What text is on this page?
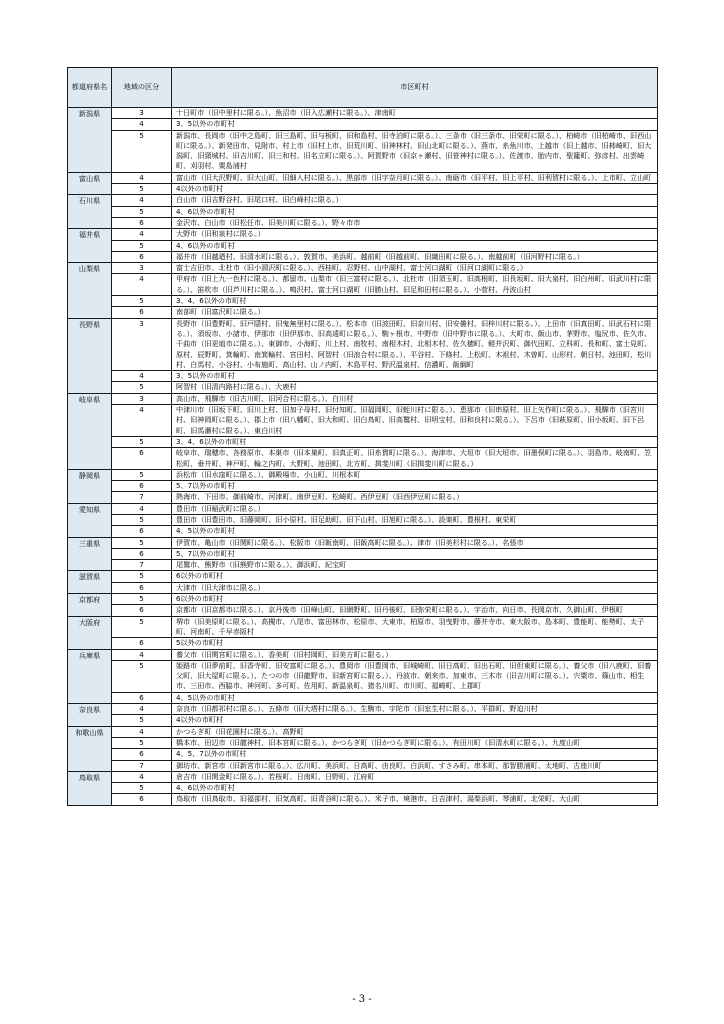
都道府県名	地域の区分	市区町村
新潟県	3	十日町市（旧中里村に限る。）、魚沼市（旧入広瀬村に限る。）、津南町
	4	3、5以外の市町村
	5	新潟市、長岡市（旧中之島町、旧三島町、旧与板町、旧和島村、旧寺泊町に限る。）、三条市（旧三条市、旧栄町に限る。）、柏崎市（旧柏崎市、旧西山町に限る。）、新発田市、見附市、村上市（旧村上市、旧荒川町、旧神林村、旧山北町に限る。）、燕市、糸魚川市、上越市（旧上越市、旧柿崎町、旧大潟町、旧頸城村、旧吉川町、旧三和村、旧名立町に限る。）、阿賀野市（旧京ヶ瀬村、旧笹神村に限る。）、佐渡市、胎内市、聖籠町、弥彦村、出雲崎町、刈羽村、粟島浦村
富山県	4	富山市（旧大沢野町、旧大山町、旧細入村に限る。）、黒部市（旧宇奈月町に限る。）、南砺市（旧平村、旧上平村、旧利賀村に限る。）、上市町、立山町
	5	4以外の市町村
石川県	4	白山市（旧吉野谷村、旧尾口村、旧白峰村に限る。）
	5	4、6以外の市町村
	6	金沢市、白山市（旧松任市、旧美川町に限る。）、野々市市
福井県	4	大野市（旧和泉村に限る。）
	5	4、6以外の市町村
	6	福井市（旧越廼村、旧清水町に限る。）、敦賀市、美浜町、越前町（旧越前町、旧織田町に限る。）、南越前町（旧河野村に限る。）
山梨県	3	富士吉田市、北杜市（旧小淵沢町に限る。）、西桂町、忍野村、山中湖村、富士河口湖町（旧河口湖町に限る。）
	4	甲府市（旧上九一色村に限る。）、都留市、山梨市（旧三富村に限る。）、北杜市（旧須玉町、旧高根町、旧長坂町、旧大泉村、旧白州町、旧武川村に限る。）、笛吹市（旧芦川村に限る。）、鳴沢村、富士河口湖町（旧勝山村、旧足和田村に限る。）、小菅村、丹波山村
	5	3、4、6以外の市町村
	6	南部町（旧富沢町に限る。）
長野県	3	長野市（旧豊野町、旧戸隠村、旧鬼無里村に限る。）、松本市（旧波田町、旧奈川村、旧安曇村、旧梓川村に限る。）、上田市（旧真田町、旧武石村に限る。）、須坂市、小諸市、伊那市（旧伊那市、旧高遠町に限る。）、駒ヶ根市、中野市（旧中野市に限る。）、大町市、飯山市、茅野市、塩尻市、佐久市、千曲市（旧更埴市に限る。）、東御市、小海町、川上村、南牧村、南相木村、北相木村、佐久穂町、軽井沢町、御代田町、立科町、長和町、富士見町、原村、辰野町、箕輪町、南箕輪村、宮田村、阿智村（旧浪合村に限る。）、平谷村、下條村、上松町、木祖村、木曽町、山形村、朝日村、池田町、松川村、白馬村、小谷村、小布施町、高山村、山ノ内町、木島平村、野沢温泉村、信濃町、飯綱町
	4	3、5以外の市町村
	5	阿智村（旧清内路村に限る。）、大鹿村
岐阜県	3	高山市、飛騨市（旧古川町、旧河合村に限る。）、白川村
	4	中津川市（旧坂下町、旧川上村、旧加子母村、旧付知町、旧福岡町、旧蛭川村に限る。）、恵那市（旧串原村、旧上矢作町に限る。）、飛騨市（旧宮川村、旧神岡町に限る。）、郡上市（旧八幡町、旧大和町、旧白鳥町、旧高鷲村、旧明宝村、旧和良村に限る。）、下呂市（旧萩原町、旧小坂町、旧下呂町、旧馬瀬村に限る。）、東白川村
	5	3、4、6以外の市町村
	6	岐阜市、瑞穂市、各務原市、本巣市（旧本巣町、旧真正町、旧糸貫町に限る。）、海津市、大垣市（旧大垣市、旧墨俣町に限る。）、羽島市、岐南町、笠松町、垂井町、神戸町、輪之内町、大野町、池田町、北方町、揖斐川町（旧揖斐川町に限る。）
静岡県	5	浜松市（旧水窪町に限る。）、御殿場市、小山町、川根本町
	6	5、7以外の市町村
	7	熱海市、下田市、御前崎市、河津町、南伊豆町、松崎町、西伊豆町（旧西伊豆町に限る。）
愛知県	4	豊田市（旧稲武町に限る。）
	5	豊田市（旧豊田市、旧藤岡町、旧小原村、旧足助町、旧下山村、旧旭町に限る。）、設楽町、豊根村、東栄町
	6	4、5以外の市町村
三重県	5	伊賀市、亀山市（旧関町に限る。）、松阪市（旧飯南町、旧飯高町に限る。）、津市（旧美杉村に限る。）、名張市
	6	5、7以外の市町村
	7	尾鷲市、熊野市（旧熊野市に限る。）、御浜町、紀宝町
滋賀県	5	6以外の市町村
	6	大津市（旧大津市に限る。）
京都府	5	6以外の市町村
	6	京都市（旧京都市に限る。）、京丹後市（旧峰山町、旧網野町、旧丹後町、旧弥栄町に限る。）、宇治市、向日市、長岡京市、久御山町、伊根町
大阪府	5	堺市（旧美原町に限る。）、高槻市、八尾市、富田林市、松原市、大東市、柏原市、羽曳野市、藤井寺市、東大阪市、島本町、豊能町、能勢町、太子町、河南町、千早赤阪村
	6	5以外の市町村
兵庫県	4	養父市（旧関宮町に限る。）、香美町（旧村岡町、旧美方町に限る。）
	5	姫路市（旧夢前町、旧香寺町、旧安富町に限る。）、豊岡市（旧豊岡市、旧城崎町、旧日高町、旧出石町、旧但東町に限る。）、養父市（旧八鹿町、旧養父町、旧大屋町に限る。）、たつの市（旧龍野市、旧新宮町に限る。）、丹波市、朝来市、加東市、三木市（旧吉川町に限る。）、宍粟市、篠山市、相生市、三田市、西脇市、神河町、多可町、佐用町、新温泉町、猪名川町、市川町、福崎町、上郡町
	6	4、5以外の市町村
奈良県	4	奈良市（旧都祁村に限る。）、五條市（旧大塔村に限る。）、生駒市、宇陀市（旧室生村に限る。）、平群町、野迫川村
	5	4以外の市町村
和歌山県	4	かつらぎ町（旧花園村に限る。）、高野町
	5	橋本市、田辺市（旧龍神村、旧本宮町に限る。）、かつらぎ町（旧かつらぎ町に限る。）、有田川町（旧清水町に限る。）、九度山町
	6	4、5、7以外の市町村
	7	御坊市、新宮市（旧新宮市に限る。）、広川町、美浜町、日高町、由良町、白浜町、すさみ町、串本町、那智勝浦町、太地町、古座川町
鳥取県	4	倉吉市（旧関金町に限る。）、若桜町、日南町、日野町、江府町
	5	4、6以外の市町村
	6	鳥取市（旧鳥取市、旧福部村、旧気高町、旧青谷町に限る。）、米子市、境港市、日吉津村、湯梨浜町、琴浦町、北栄町、大山町
- 3 -
